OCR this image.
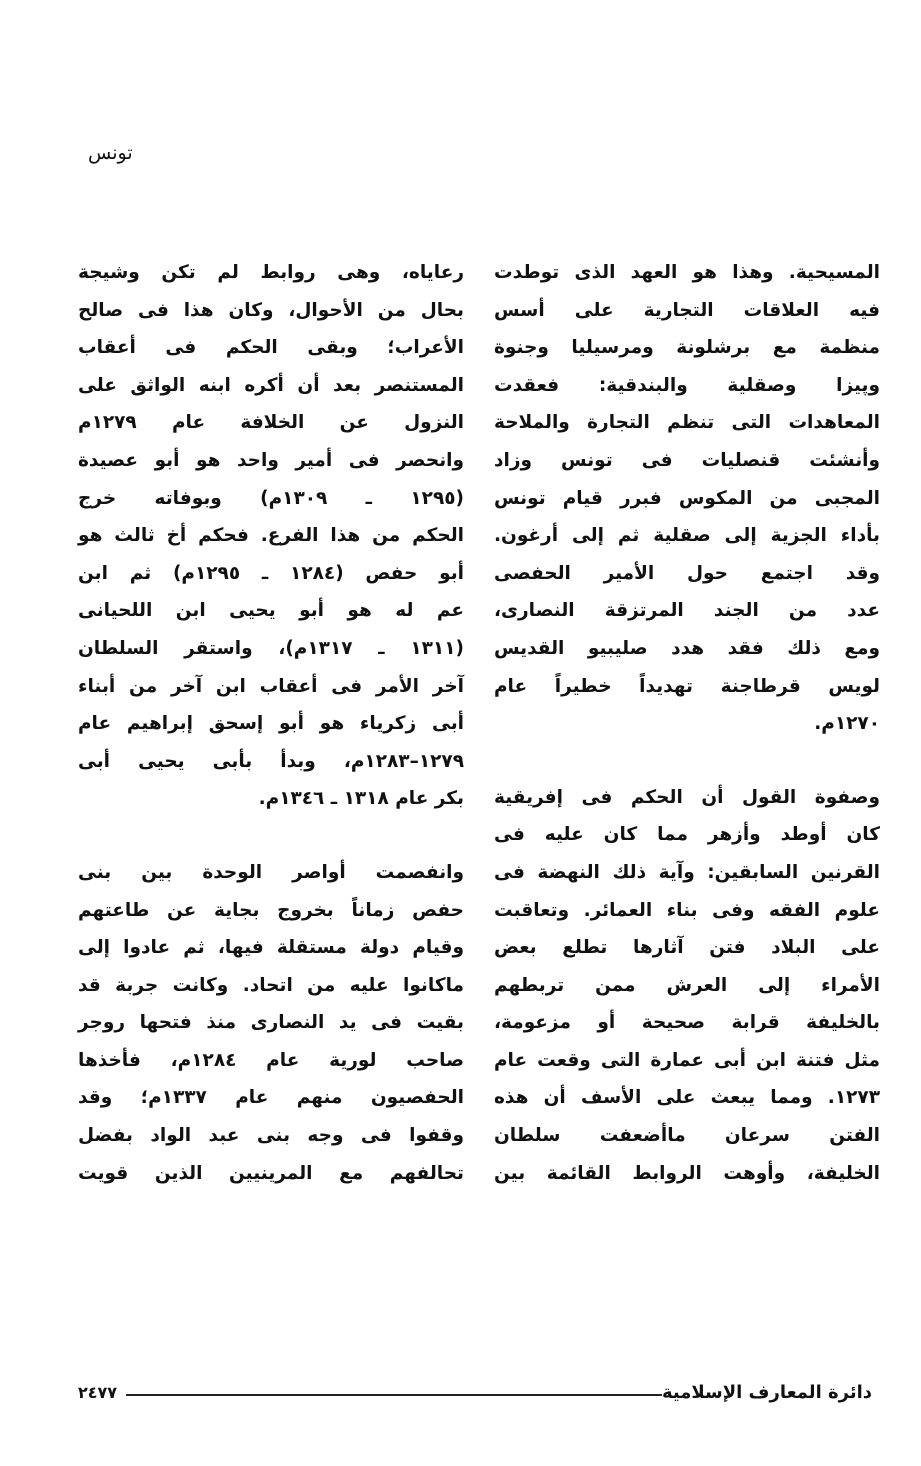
تونس
المسيحية. وهذا هو العهد الذى توطدت
فيه العلاقات التجارية على أسس
منظمة مع برشلونة ومرسيليا وجنوة
وپيزا وصقلية والبندقية: فعقدت
المعاهدات التى تنظم التجارة والملاحة
وأنشئت قنصليات فى تونس وزاد
المجبى من المكوس فبرر قيام تونس
بأداء الجزية إلى صقلية ثم إلى أرغون.
وقد اجتمع حول الأمير الحفصى
عدد من الجند المرتزقة النصارى،
ومع ذلك فقد هدد صليبيو القديس
لويس قرطاجنة تهديداً خطيراً عام
١٢٧٠م.
وصفوة القول أن الحكم فى إفريقية
كان أوطد وأزهر مما كان عليه فى
القرنين السابقين: وآية ذلك النهضة فى
علوم الفقه وفى بناء العمائر. وتعاقبت
على البلاد فتن آثارها تطلع بعض
الأمراء إلى العرش ممن تربطهم
بالخليفة قرابة صحيحة أو مزعومة،
مثل فتنة ابن أبى عمارة التى وقعت عام
١٢٧٣. ومما يبعث على الأسف أن هذه
الفتن سرعان ماأضعفت سلطان
الخليفة، وأوهت الروابط القائمة بين
رعاياه، وهى روابط لم تكن وشيجة
بحال من الأحوال، وكان هذا فى صالح
الأعراب؛ وبقى الحكم فى أعقاب
المستنصر بعد أن أكره ابنه الواثق على
النزول عن الخلافة عام ١٢٧٩م
وانحصر فى أمير واحد هو أبو عصيدة
(١٢٩٥ ـ ١٣٠٩م) وبوفاته خرج
الحكم من هذا الفرع. فحكم أخ ثالث هو
أبو حفص (١٢٨٤ ـ ١٢٩٥م) ثم ابن
عم له هو أبو يحيى ابن اللحيانى
(١٣١١ ـ ١٣١٧م)، واستقر السلطان
آخر الأمر فى أعقاب ابن آخر من أبناء
أبى زكرياء هو أبو إسحق إبراهيم عام
١٢٧٩–١٢٨٣م، وبدأ بأبى يحيى أبى
بكر عام ١٣١٨ ـ ١٣٤٦م.
وانفصمت أواصر الوحدة بين بنى
حفص زماناً بخروج بجاية عن طاعتهم
وقيام دولة مستقلة فيها، ثم عادوا إلى
ماكانوا عليه من اتحاد. وكانت جربة قد
بقيت فى يد النصارى منذ فتحها روجر
صاحب لورية عام ١٢٨٤م، فأخذها
الحفصيون منهم عام ١٣٣٧م؛ وقد
وقفوا فى وجه بنى عبد الواد بفضل
تحالفهم مع المرينيين الذين قويت
٢٤٧٧	دائرة المعارف الإسلامية
